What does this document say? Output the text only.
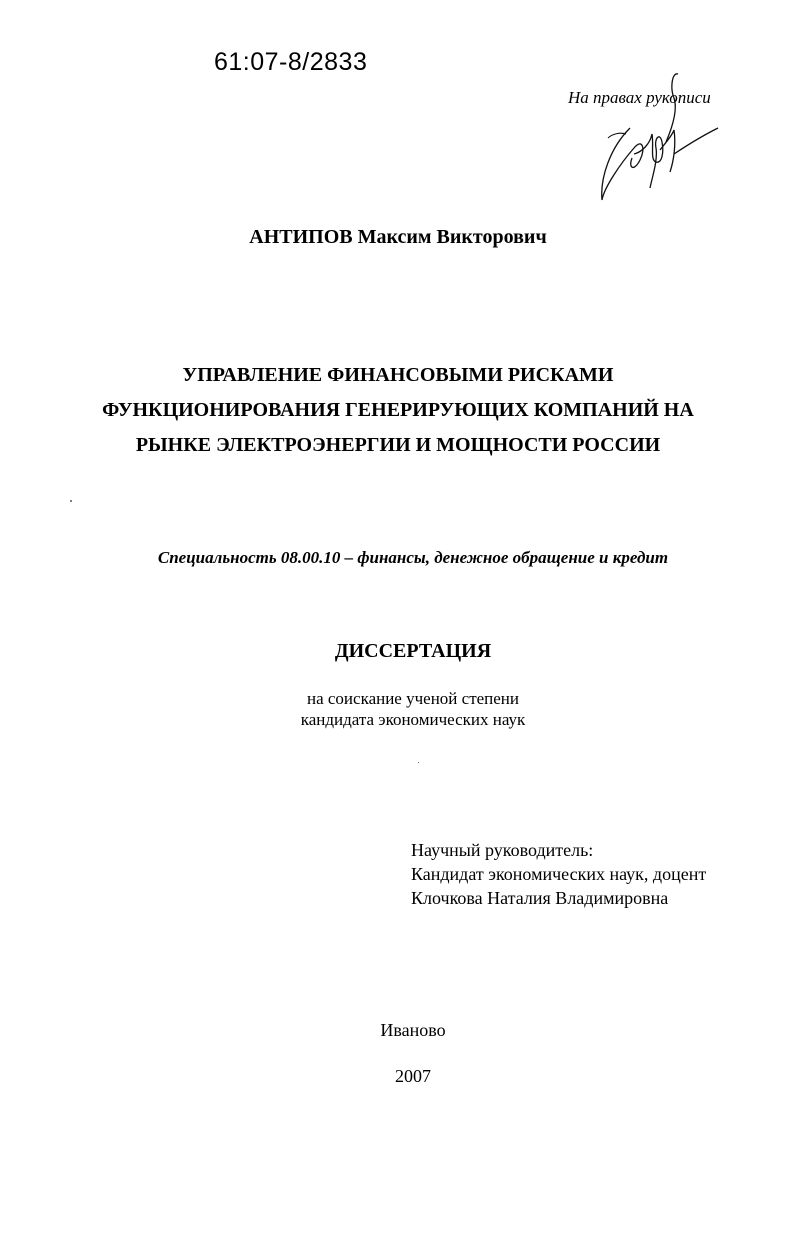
61:07-8/2833
На правах рукописи
АНТИПОВ Максим Викторович
УПРАВЛЕНИЕ ФИНАНСОВЫМИ РИСКАМИ
ФУНКЦИОНИРОВАНИЯ ГЕНЕРИРУЮЩИХ КОМПАНИЙ НА
РЫНКЕ ЭЛЕКТРОЭНЕРГИИ И МОЩНОСТИ РОССИИ
Специальность 08.00.10 – финансы, денежное обращение и кредит
ДИССЕРТАЦИЯ
на соискание ученой степени
кандидата экономических наук
Научный руководитель:
Кандидат экономических наук, доцент
Клочкова Наталия Владимировна
Иваново
2007
